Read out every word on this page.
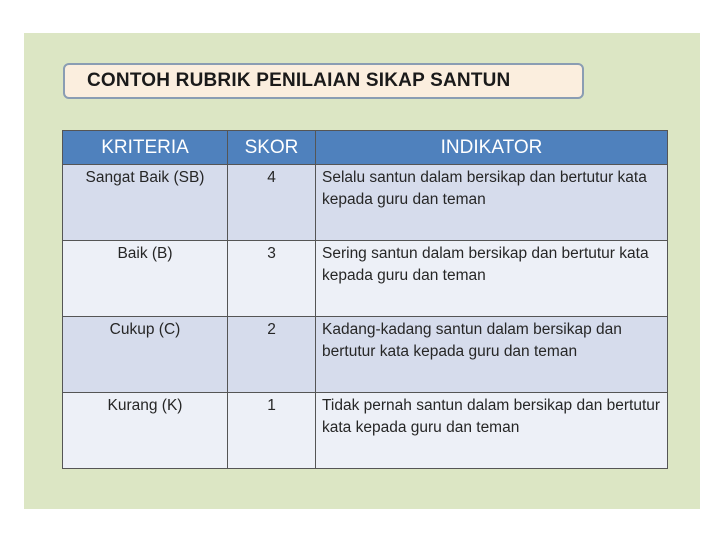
CONTOH RUBRIK PENILAIAN SIKAP SANTUN
KRITERIA	SKOR	INDIKATOR
Sangat Baik (SB)	4	Selalu santun dalam bersikap dan bertutur kata kepada guru dan teman
Baik (B)	3	Sering santun dalam bersikap dan bertutur kata kepada guru dan teman
Cukup (C)	2	Kadang-kadang santun dalam bersikap dan bertutur kata kepada guru dan teman
Kurang (K)	1	Tidak pernah santun dalam bersikap dan bertutur kata kepada guru dan teman
